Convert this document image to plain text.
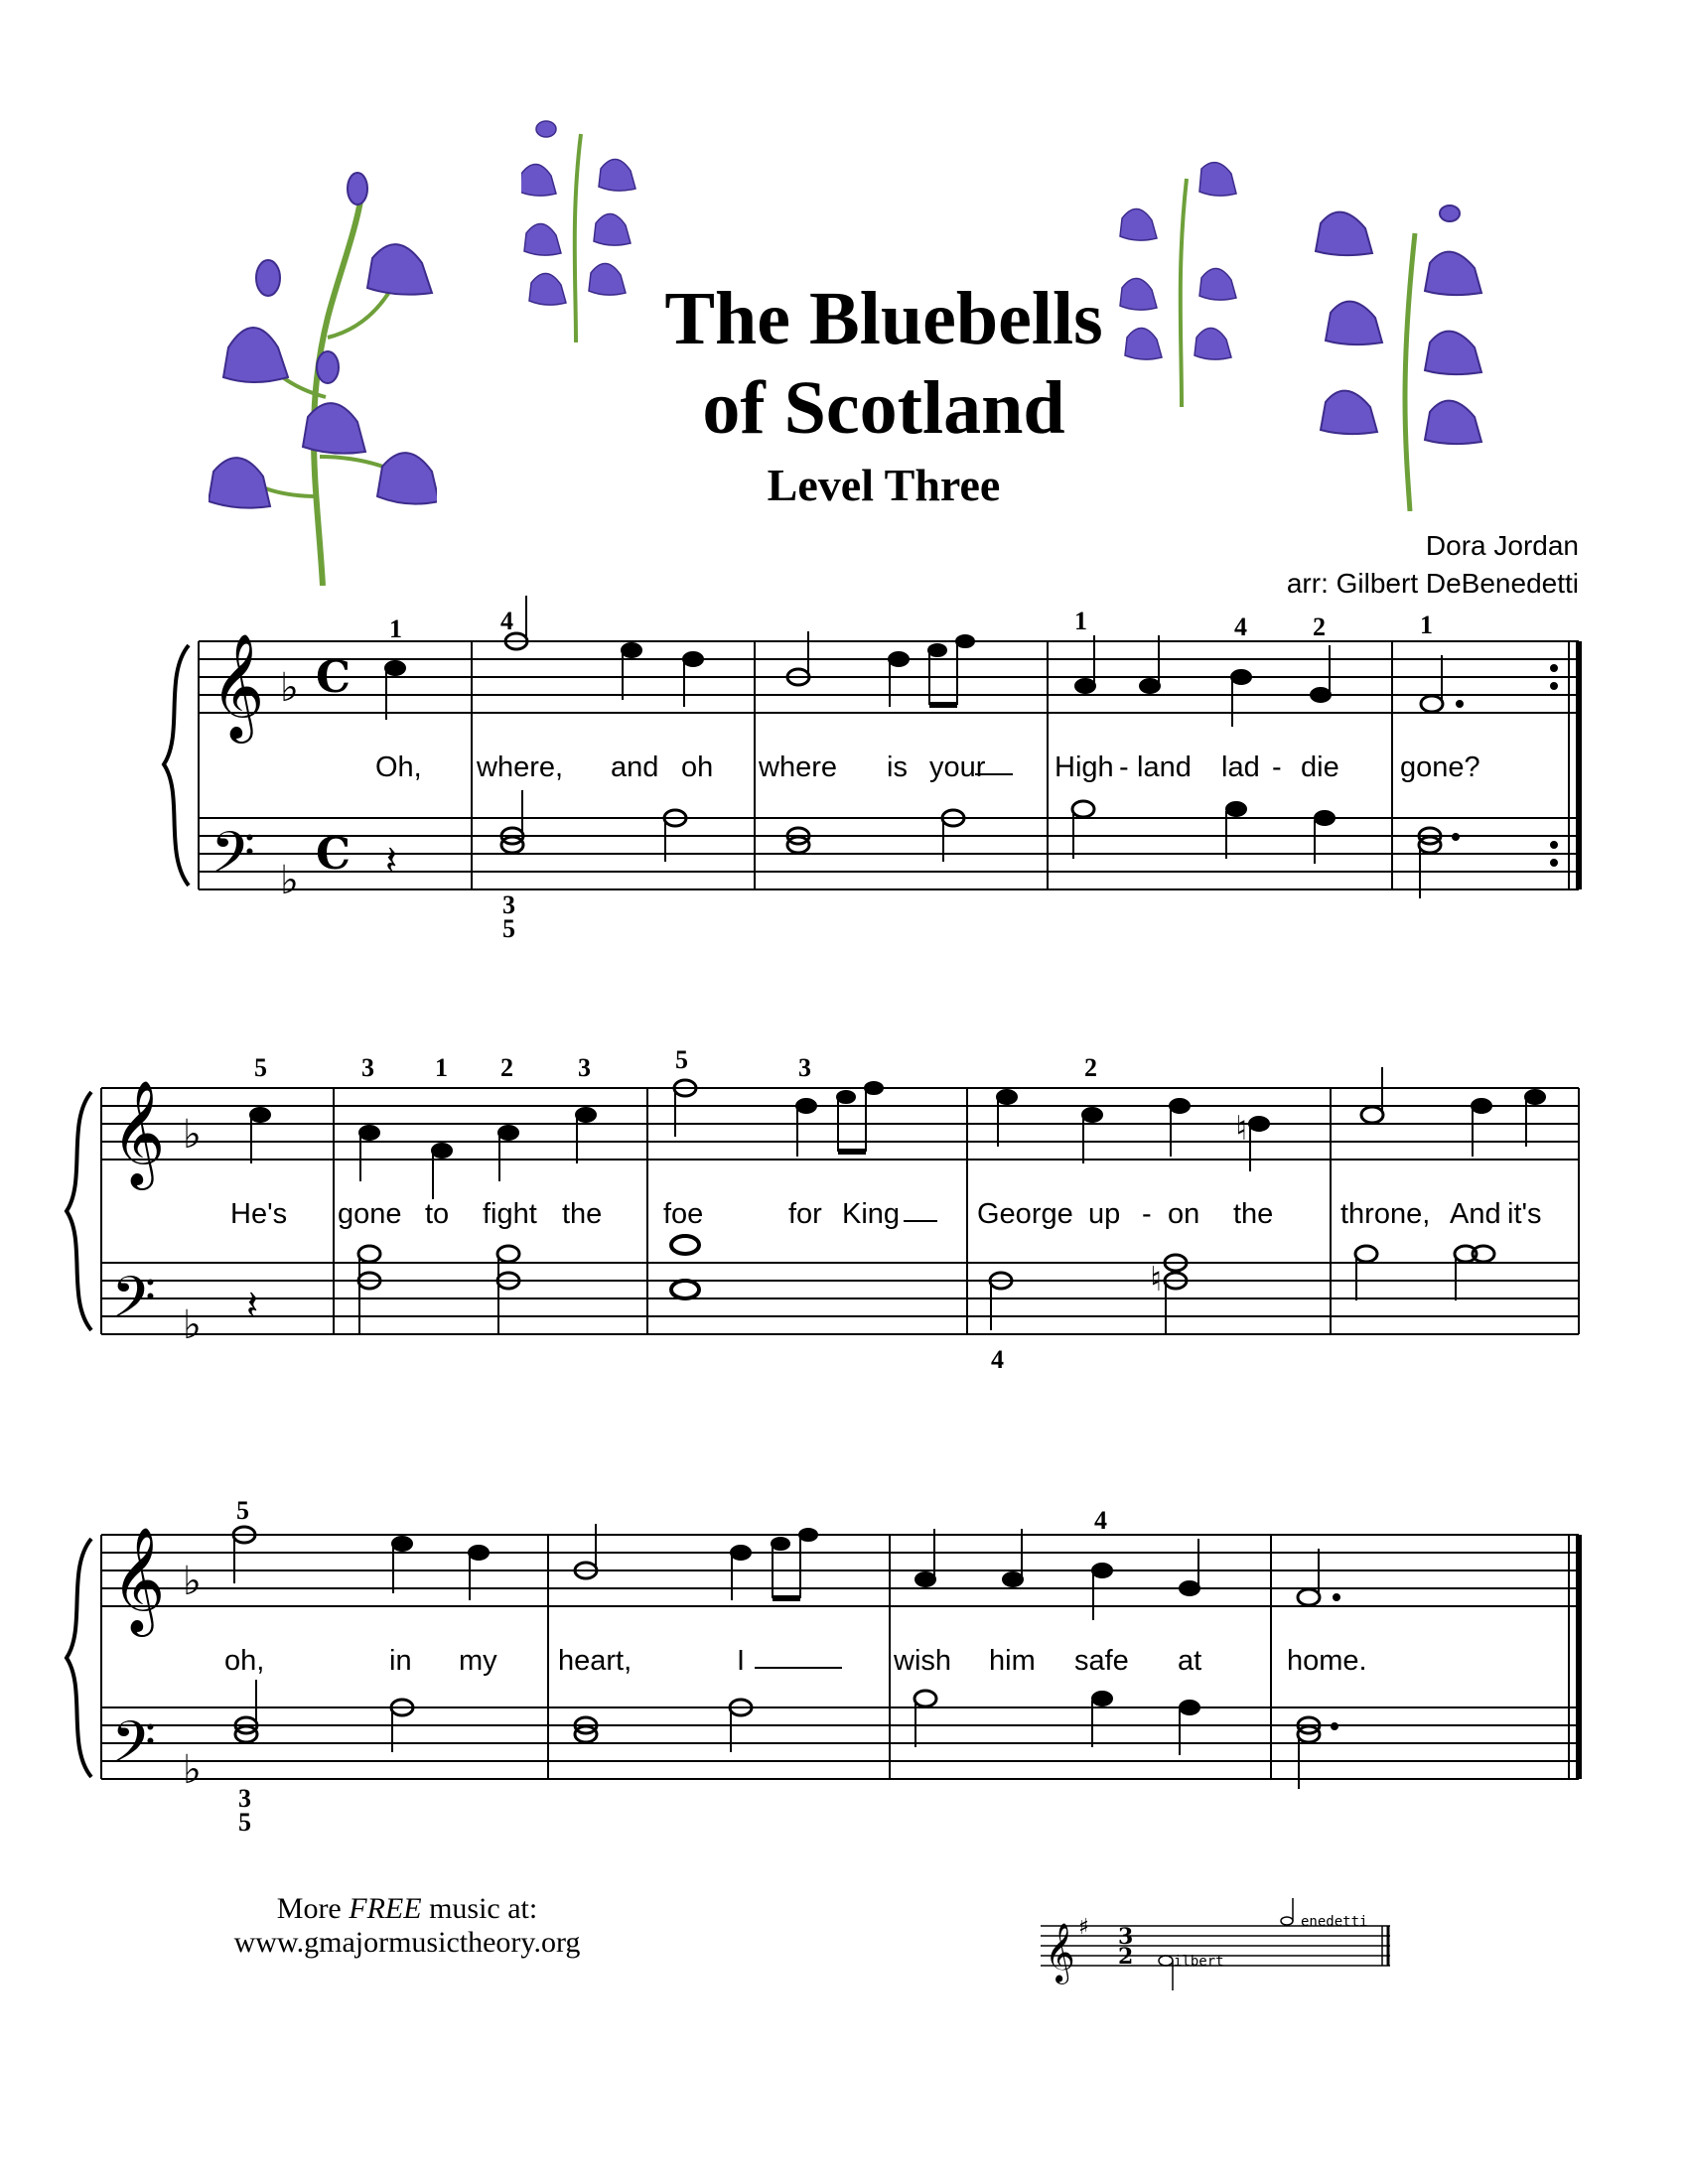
The Bluebells
of Scotland
Level Three
Dora Jordan
arr: Gilbert DeBenedetti
𝄞
𝄢
♭
♭
C
C 𝄽
𝄞
𝄢
♭
♭
♮
𝄽
♮
𝄞
𝄢
♭
♭
Oh, where, and oh where is your High - land lad - die gone?
He's gone to fight the foe	for King	George up - on the throne, And it's
oh,	in my heart,	I	wish him safe at	home.
1	4	1	4	2	1
3
5
5	3 1 2	3	5	3	2
4
5	4
3
5
More FREE music at:
www.gmajormusictheory.org	𝄞 ♯ 3
2	ilbert
enedetti
